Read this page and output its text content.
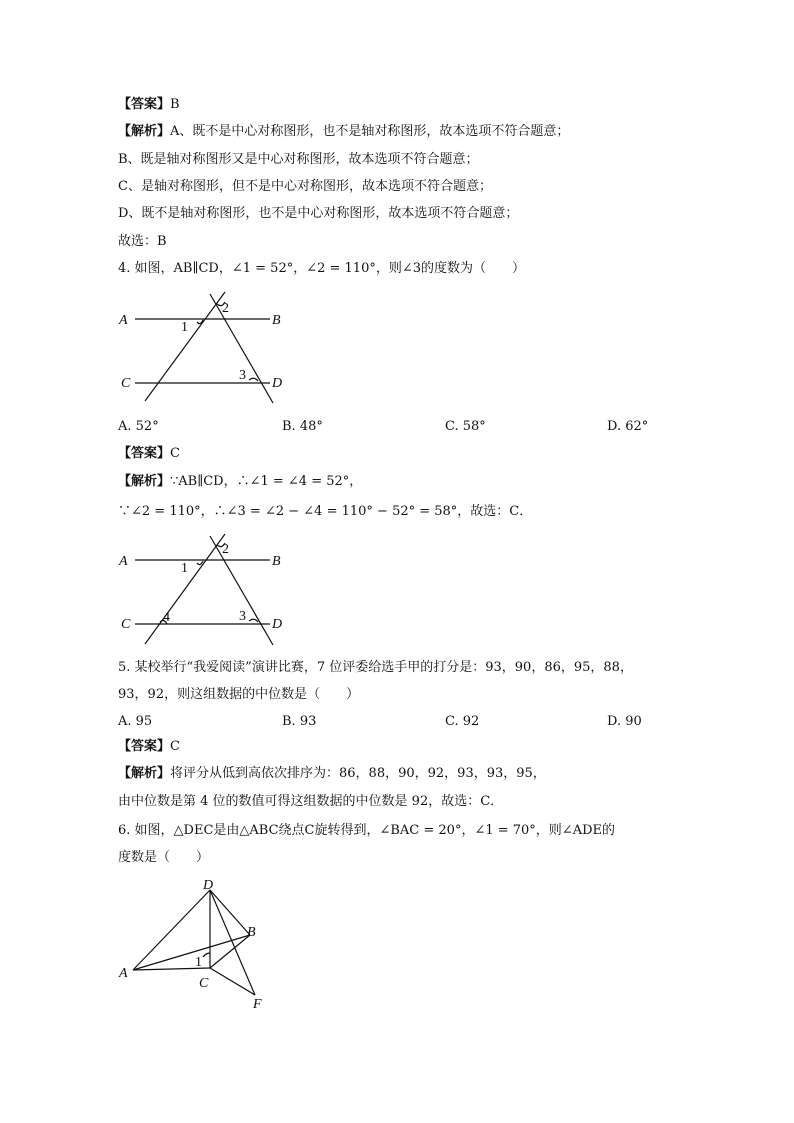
【答案】B
【解析】A、既不是中心对称图形，也不是轴对称图形，故本选项不符合题意；
B、既是轴对称图形又是中心对称图形，故本选项不符合题意；
C、是轴对称图形，但不是中心对称图形，故本选项不符合题意；
D、既不是轴对称图形，也不是中心对称图形，故本选项不符合题意；
故选：B
4. 如图，AB∥CD，∠1 = 52°，∠2 = 110°，则∠3的度数为（　　）
A	B
C	D
1
2
3
A. 52°	B. 48°	C. 58°	D. 62°
【答案】C
【解析】∵AB∥CD，∴∠1 = ∠4 = 52°，
∵∠2 = 110°，∴∠3 = ∠2 − ∠4 = 110° − 52° = 58°，故选：C．
A	B
C	D
1
2
3
4
5. 某校举行“我爱阅读”演讲比赛，7 位评委给选手甲的打分是：93，90，86，95，88，
93，92，则这组数据的中位数是（　　）
A. 95	B. 93	C. 92	D. 90
【答案】C
【解析】将评分从低到高依次排序为：86，88，90，92，93，93，95，
由中位数是第 4 位的数值可得这组数据的中位数是 92，故选：C．
6. 如图，△DEC是由△ABC绕点C旋转得到，∠BAC = 20°，∠1 = 70°，则∠ADE的
度数是（　　）
A
B
C
D
F
1
